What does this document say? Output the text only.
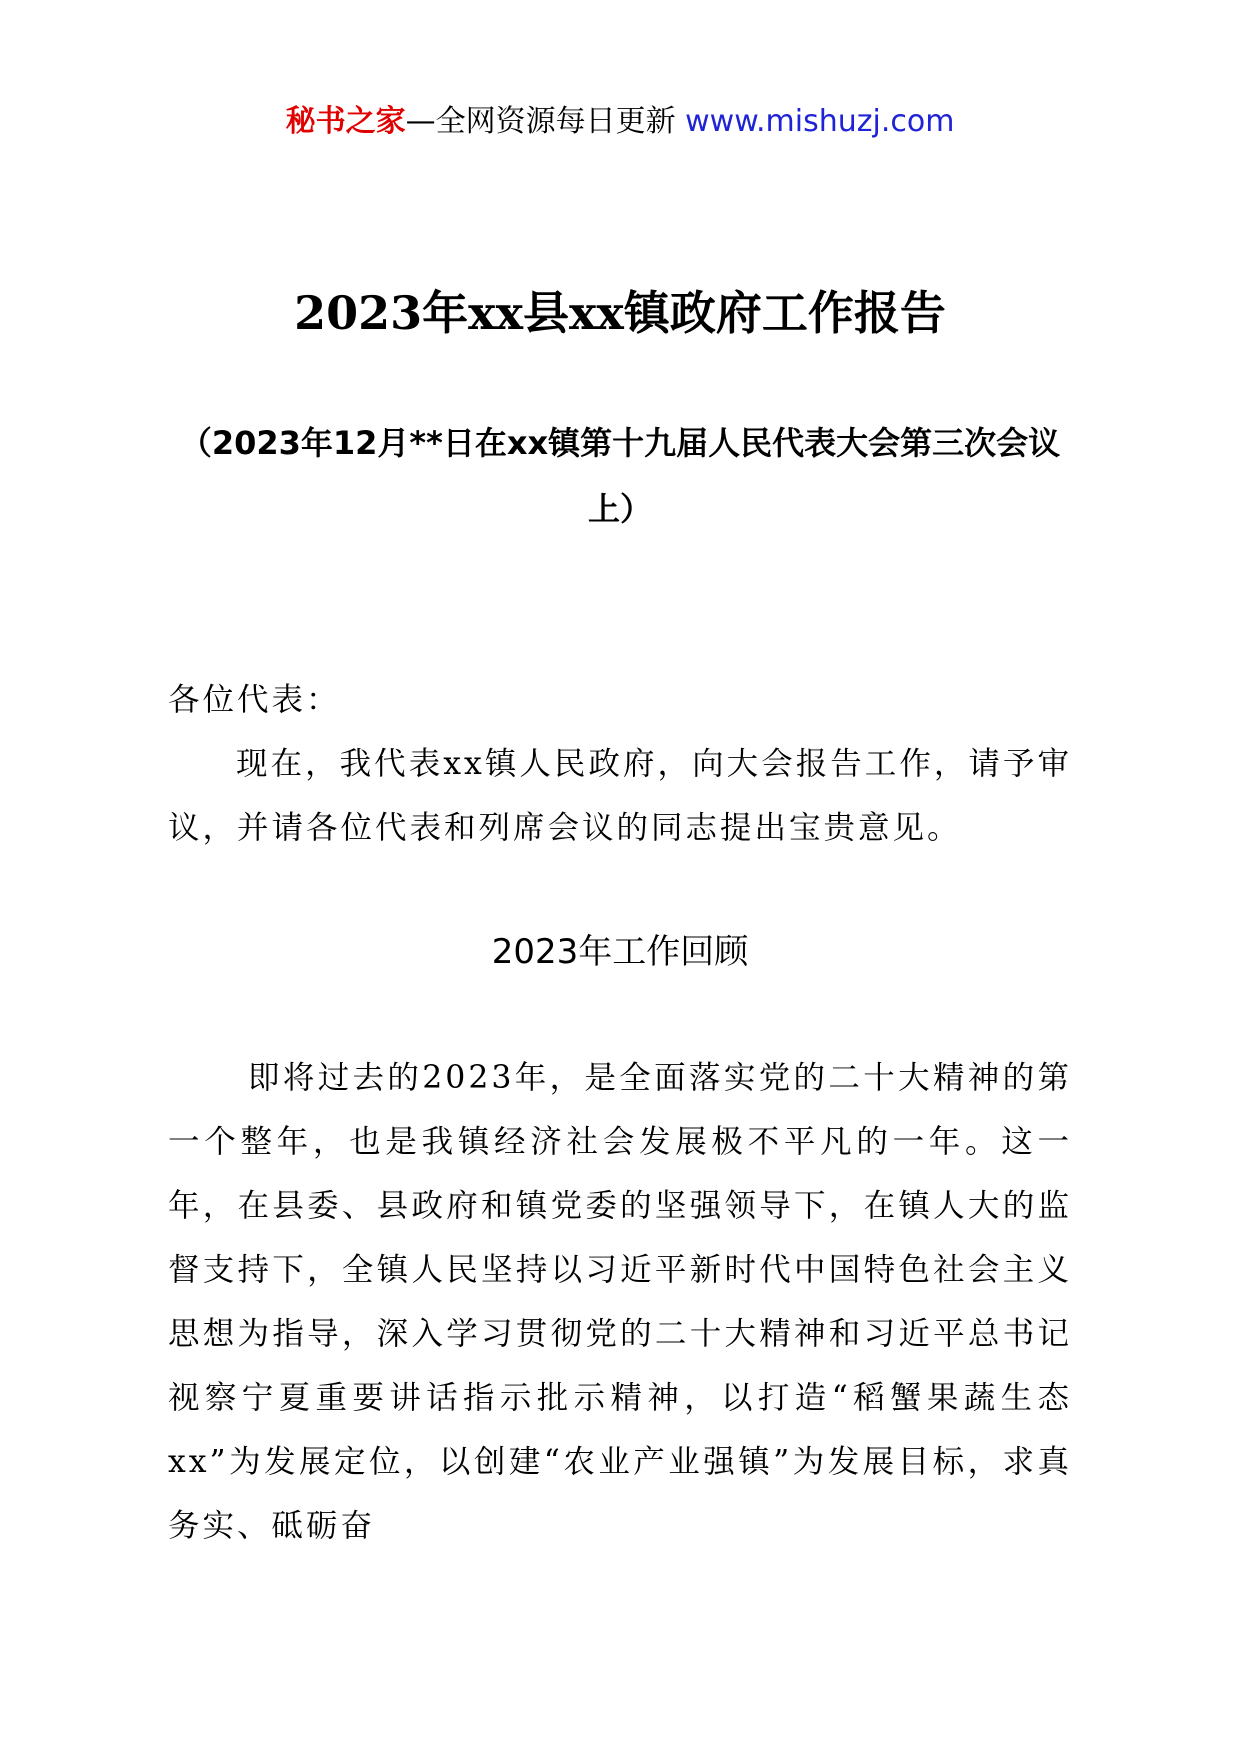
秘书之家—全网资源每日更新 www.mishuzj.com
2023年xx县xx镇政府工作报告
（2023年12月**日在xx镇第十九届人民代表大会第三次会议上）
各位代表：
现在，我代表xx镇人民政府，向大会报告工作，请予审议，并请各位代表和列席会议的同志提出宝贵意见。
2023年工作回顾
即将过去的2023年，是全面落实党的二十大精神的第一个整年，也是我镇经济社会发展极不平凡的一年。这一年，在县委、县政府和镇党委的坚强领导下，在镇人大的监督支持下，全镇人民坚持以习近平新时代中国特色社会主义思想为指导，深入学习贯彻党的二十大精神和习近平总书记视察宁夏重要讲话指示批示精神，以打造“稻蟹果蔬生态xx”为发展定位，以创建“农业产业强镇”为发展目标，求真务实、砥砺奋
